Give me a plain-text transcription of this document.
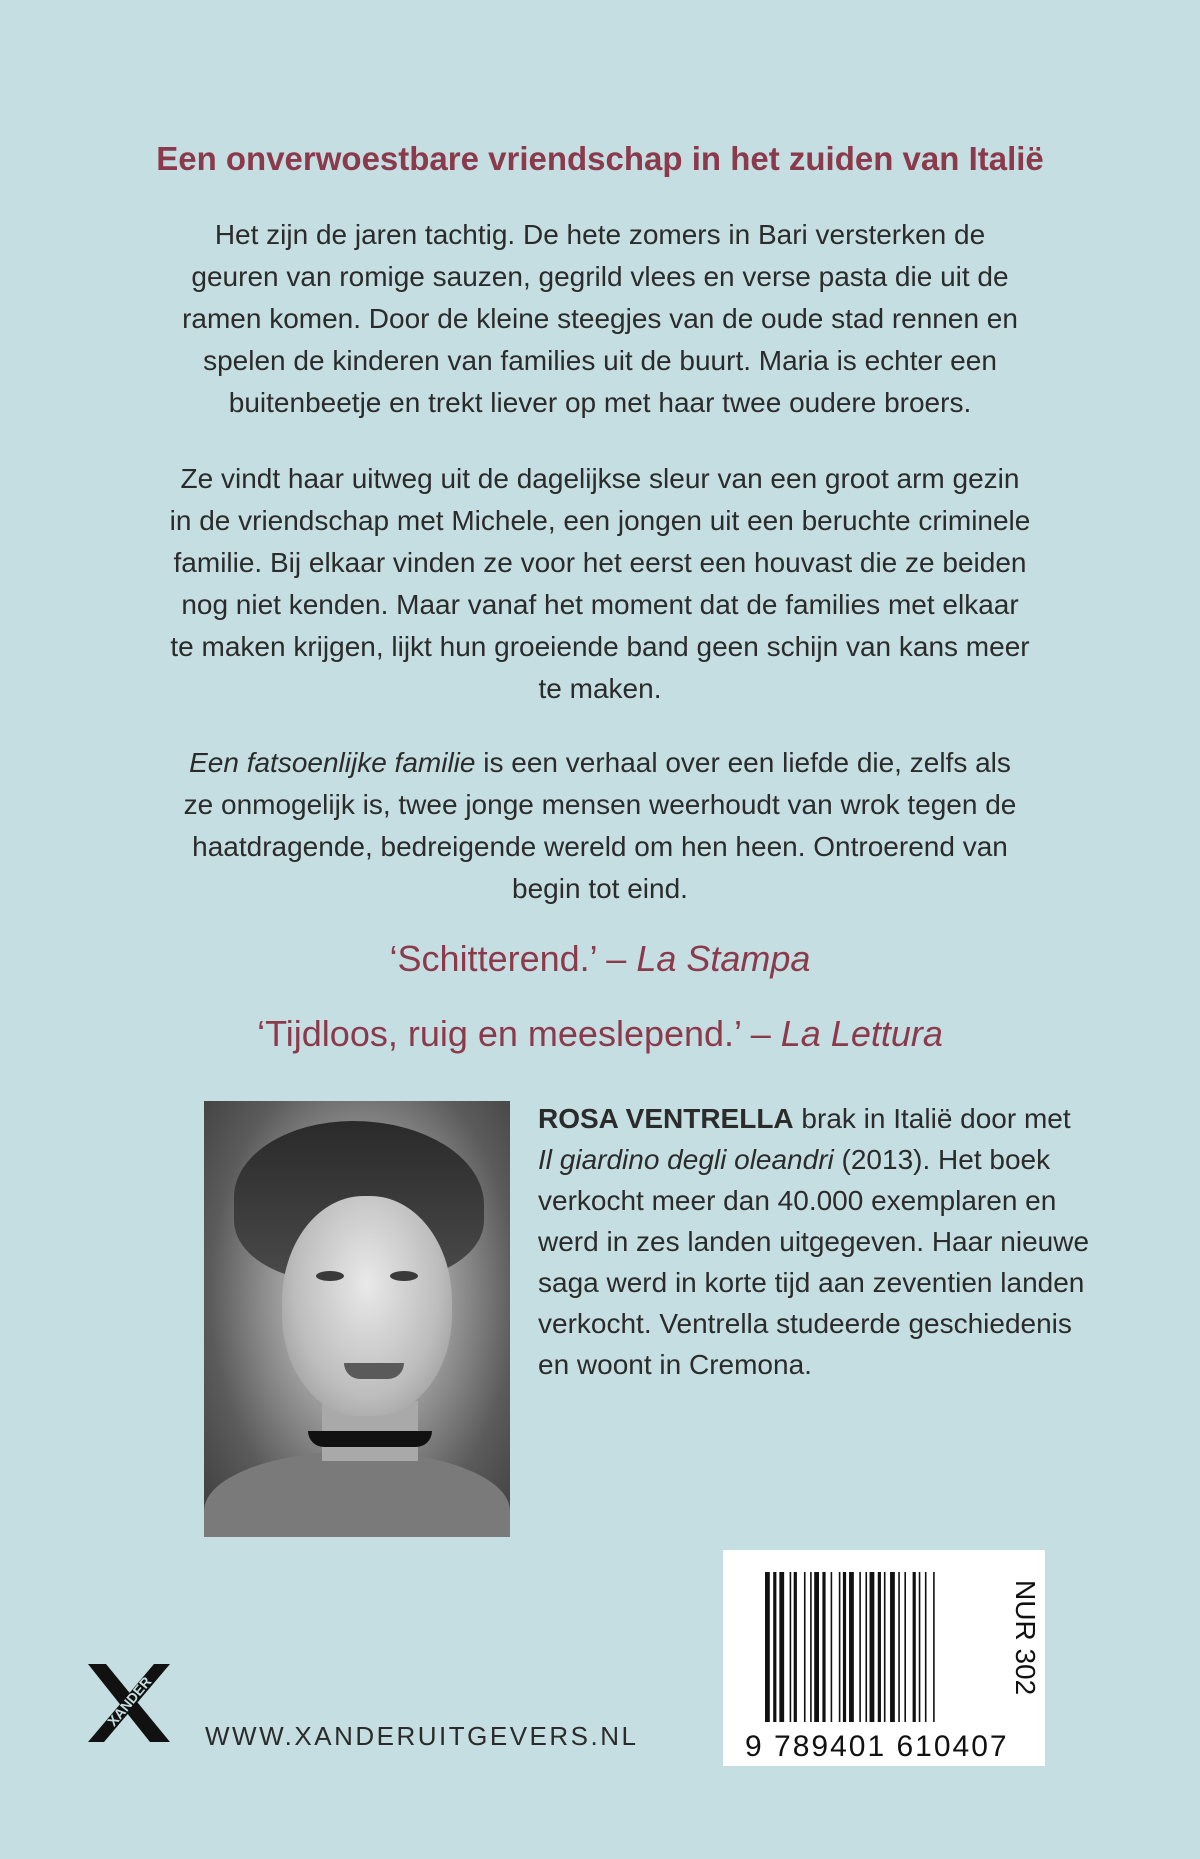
Een onverwoestbare vriendschap in het zuiden van Italië
Het zijn de jaren tachtig. De hete zomers in Bari versterken de
geuren van romige sauzen, gegrild vlees en verse pasta die uit de
ramen komen. Door de kleine steegjes van de oude stad rennen en
spelen de kinderen van families uit de buurt. Maria is echter een
buitenbeetje en trekt liever op met haar twee oudere broers.
Ze vindt haar uitweg uit de dagelijkse sleur van een groot arm gezin
in de vriendschap met Michele, een jongen uit een beruchte criminele
familie. Bij elkaar vinden ze voor het eerst een houvast die ze beiden
nog niet kenden. Maar vanaf het moment dat de families met elkaar
te maken krijgen, lijkt hun groeiende band geen schijn van kans meer
te maken.
Een fatsoenlijke familie is een verhaal over een liefde die, zelfs als
ze onmogelijk is, twee jonge mensen weerhoudt van wrok tegen de
haatdragende, bedreigende wereld om hen heen. Ontroerend van
begin tot eind.
‘Schitterend.’ – La Stampa
‘Tijdloos, ruig en meeslepend.’ – La Lettura
ROSA VENTRELLA brak in Italië door met
Il giardino degli oleandri (2013). Het boek
verkocht meer dan 40.000 exemplaren en
werd in zes landen uitgegeven. Haar nieuwe
saga werd in korte tijd aan zeventien landen
verkocht. Ventrella studeerde geschiedenis
en woont in Cremona.
9 789401 610407
NUR 302
XANDER
WWW.XANDERUITGEVERS.NL
